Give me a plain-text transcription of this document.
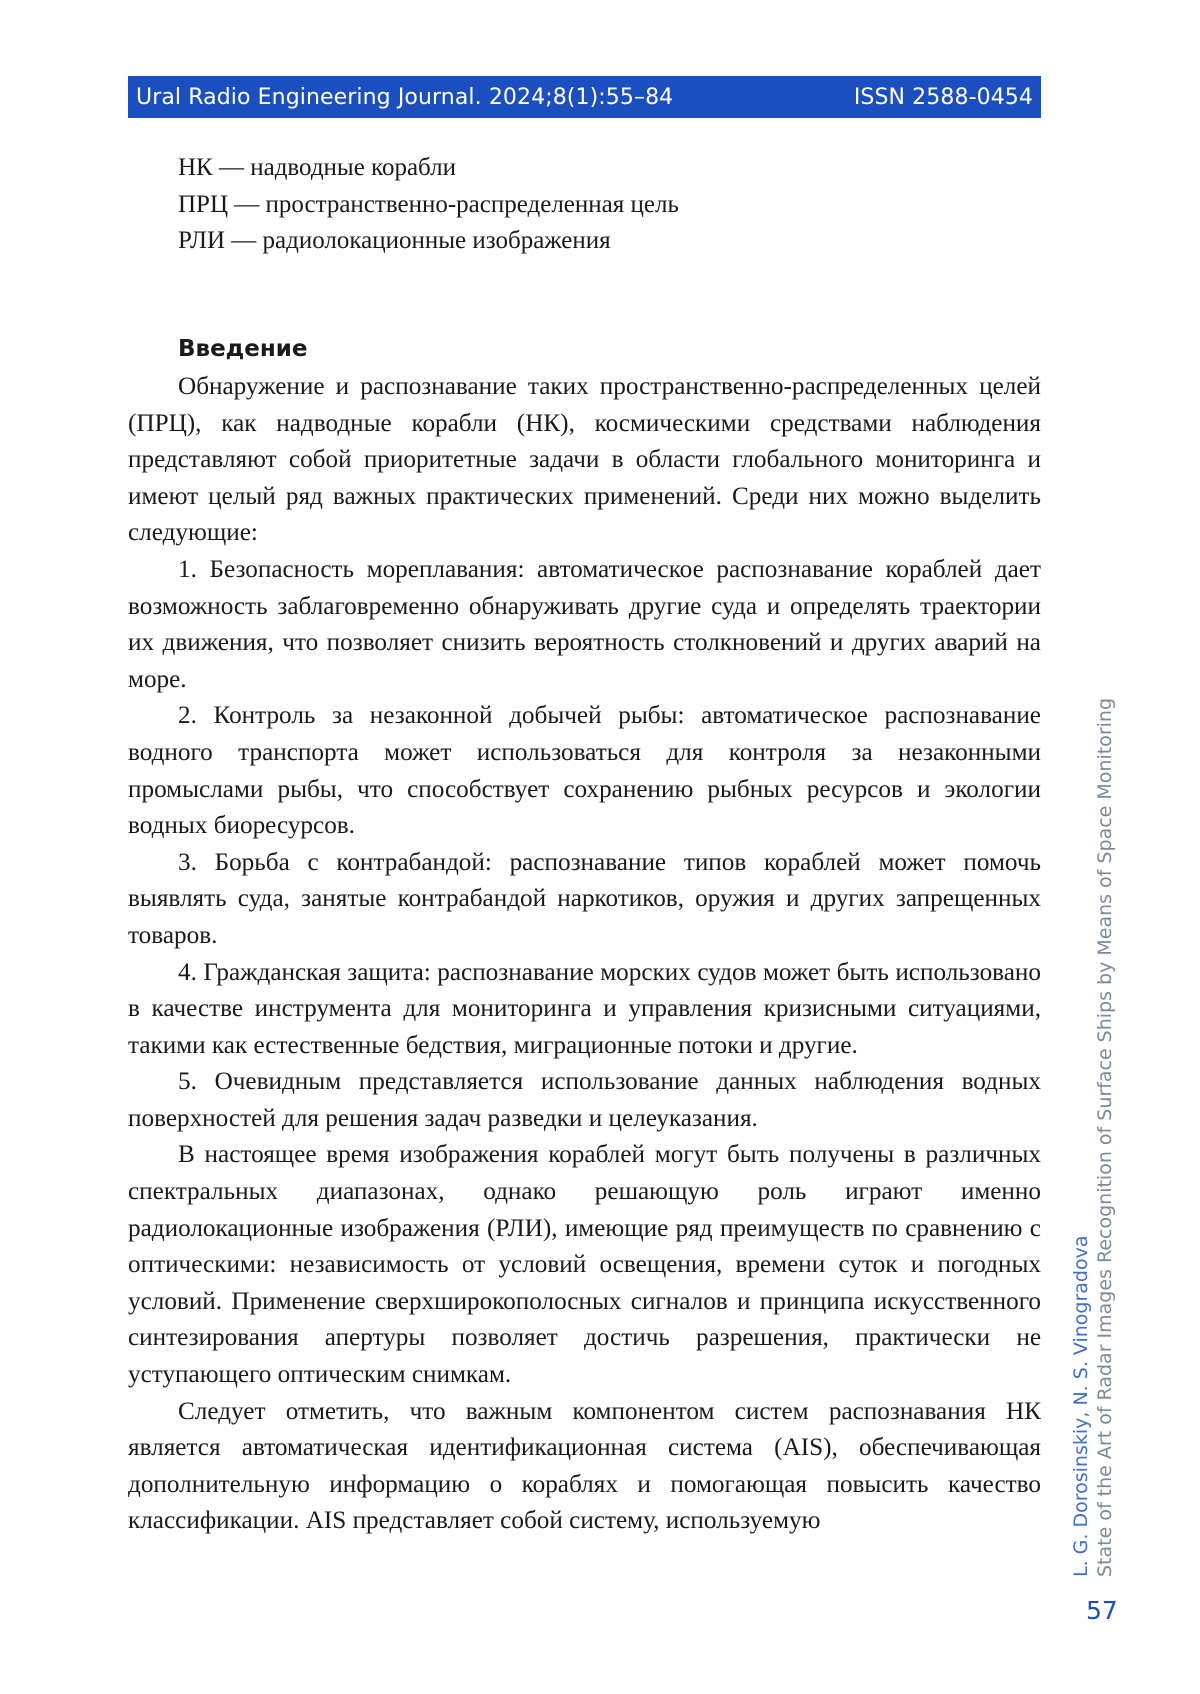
Ural Radio Engineering Journal. 2024;8(1):55–84	ISSN 2588-0454
НК — надводные корабли
ПРЦ — пространственно-распределенная цель
РЛИ — радиолокационные изображения
Введение

Обнаружение и распознавание таких пространственно-распределенных целей (ПРЦ), как надводные корабли (НК), космическими средствами наблюдения представляют собой приоритетные задачи в области глобального мониторинга и имеют целый ряд важных практических применений. Среди них можно выделить следующие:

1. Безопасность мореплавания: автоматическое распознавание кораблей дает возможность заблаговременно обнаруживать другие суда и определять траектории их движения, что позволяет снизить вероятность столкновений и других аварий на море.

2. Контроль за незаконной добычей рыбы: автоматическое распознавание водного транспорта может использоваться для контроля за незаконными промыслами рыбы, что способствует сохранению рыбных ресурсов и экологии водных биоресурсов.

3. Борьба с контрабандой: распознавание типов кораблей может помочь выявлять суда, занятые контрабандой наркотиков, оружия и других запрещенных товаров.

4. Гражданская защита: распознавание морских судов может быть использовано в качестве инструмента для мониторинга и управления кризисными ситуациями, такими как естественные бедствия, миграционные потоки и другие.

5. Очевидным представляется использование данных наблюдения водных поверхностей для решения задач разведки и целеуказания.

В настоящее время изображения кораблей могут быть получены в различных спектральных диапазонах, однако решающую роль играют именно радиолокационные изображения (РЛИ), имеющие ряд преимуществ по сравнению с оптическими: независимость от условий освещения, времени суток и погодных условий. Применение сверхширокополосных сигналов и принципа искусственного синтезирования апертуры позволяет достичь разрешения, практически не уступающего оптическим снимкам.

Следует отметить, что важным компонентом систем распознавания НК является автоматическая идентификационная система (AIS), обеспечивающая дополнительную информацию о кораблях и помогающая повысить качество классификации. AIS представляет собой систему, используемую	L. G. Dorosinskiy, N. S. Vinogradova State of the Art of Radar Images Recognition of Surface Ships by Means of Space Monitoring
57
